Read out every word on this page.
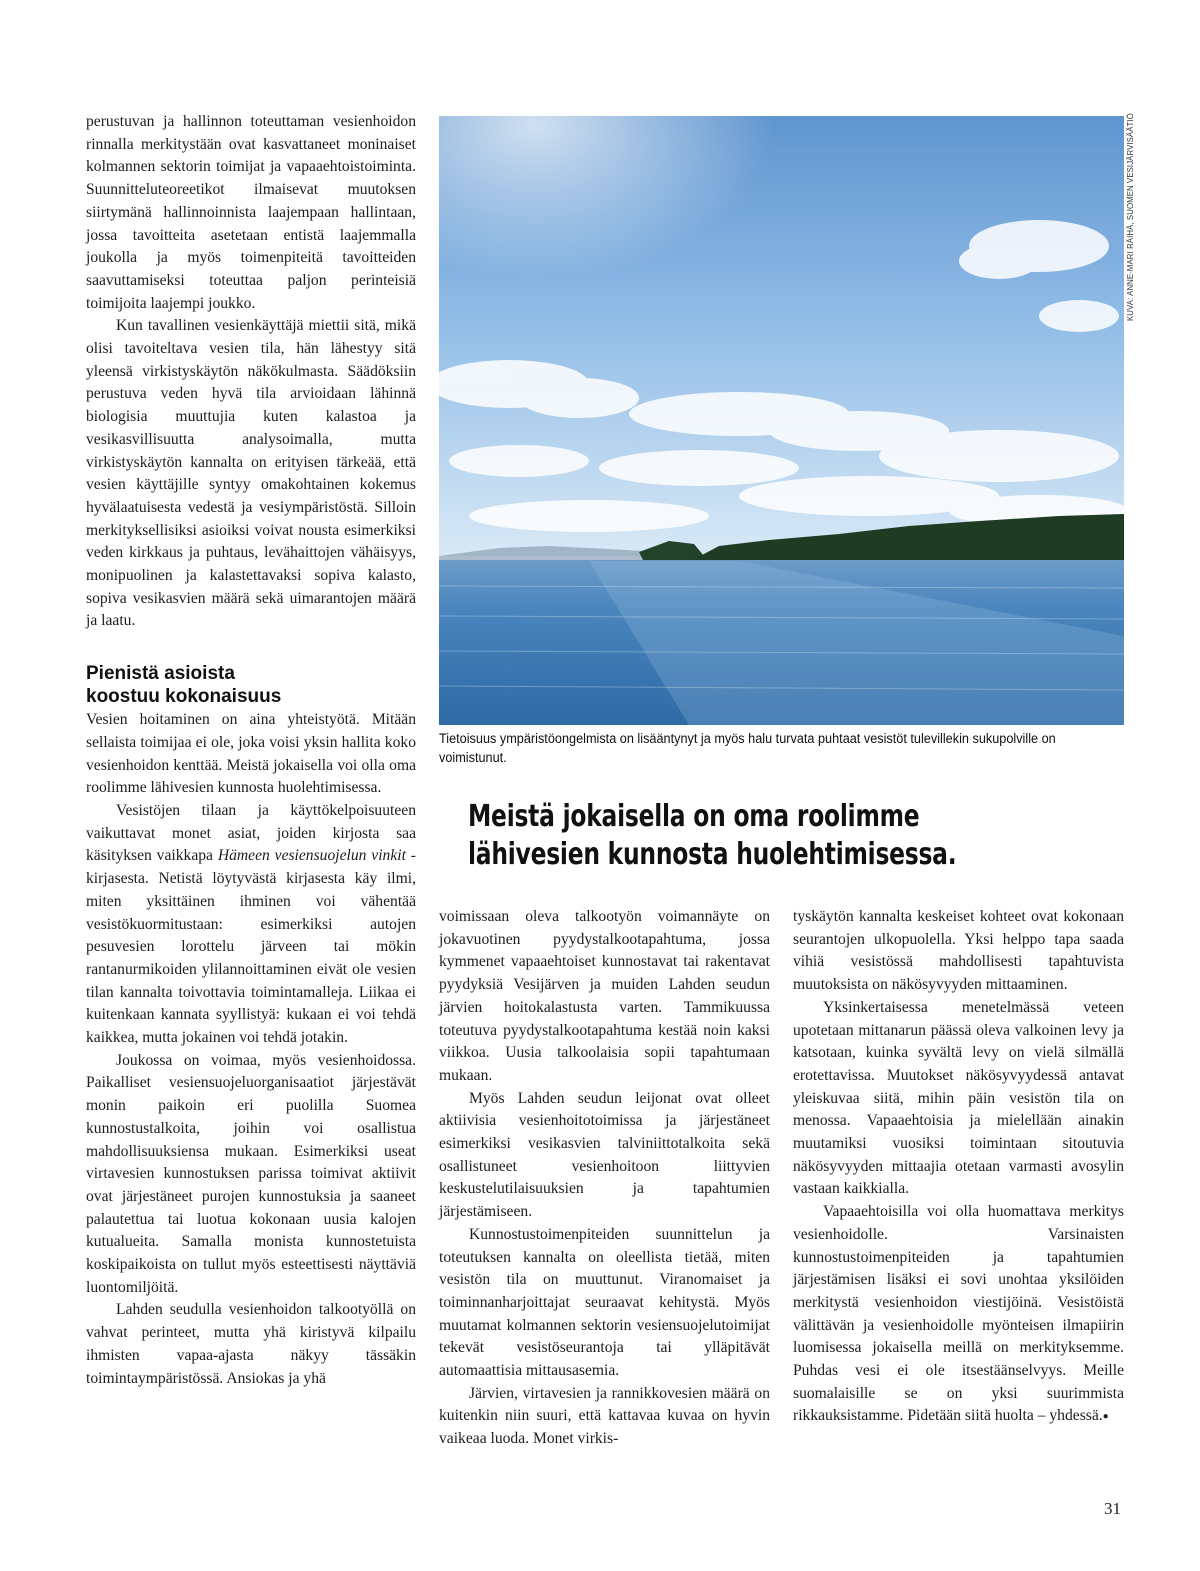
perustuvan ja hallinnon toteuttaman vesienhoidon rinnalla merkitystään ovat kasvattaneet moninaiset kolmannen sektorin toimijat ja vapaaehtoistoiminta. Suunnitteluteoreetikot ilmaisevat muutoksen siirtymänä hallinnoinnista laajempaan hallintaan, jossa tavoitteita asetetaan entistä laajemmalla joukolla ja myös toimenpiteitä tavoitteiden saavuttamiseksi toteuttaa paljon perinteisiä toimijoita laajempi joukko.

Kun tavallinen vesienkäyttäjä miettii sitä, mikä olisi tavoiteltava vesien tila, hän lähestyy sitä yleensä virkistyskäytön näkökulmasta. Säädöksiin perustuva veden hyvä tila arvioidaan lähinnä biologisia muuttujia kuten kalastoa ja vesikasvillisuutta analysoimalla, mutta virkistyskäytön kannalta on erityisen tärkeää, että vesien käyttäjille syntyy omakohtainen kokemus hyvälaatuisesta vedestä ja vesiympäristöstä. Silloin merkityksellisiksi asioiksi voivat nousta esimerkiksi veden kirkkaus ja puhtaus, levähaittojen vähäisyys, monipuolinen ja kalastettavaksi sopiva kalasto, sopiva vesikasvien määrä sekä uimarantojen määrä ja laatu.

Pienistä asioista
koostuu kokonaisuus

Vesien hoitaminen on aina yhteistyötä. Mitään sellaista toimijaa ei ole, joka voisi yksin hallita koko vesienhoidon kenttää. Meistä jokaisella voi olla oma roolimme lähivesien kunnosta huolehtimisessa.

Vesistöjen tilaan ja käyttökelpoisuuteen vaikuttavat monet asiat, joiden kirjosta saa käsityksen vaikkapa Hämeen vesiensuojelun vinkit -kirjasesta. Netistä löytyvästä kirjasesta käy ilmi, miten yksittäinen ihminen voi vähentää vesistökuormitustaan: esimerkiksi autojen pesuvesien lorottelu järveen tai mökin rantanurmikoiden ylilannoittaminen eivät ole vesien tilan kannalta toivottavia toimintamalleja. Liikaa ei kuitenkaan kannata syyllistyä: kukaan ei voi tehdä kaikkea, mutta jokainen voi tehdä jotakin.

Joukossa on voimaa, myös vesienhoidossa. Paikalliset vesiensuojeluorganisaatiot järjestävät monin paikoin eri puolilla Suomea kunnostustalkoita, joihin voi osallistua mahdollisuuksiensa mukaan. Esimerkiksi useat virtavesien kunnostuksen parissa toimivat aktiivit ovat järjestäneet purojen kunnostuksia ja saaneet palautettua tai luotua kokonaan uusia kalojen kutualueita. Samalla monista kunnostetuista koskipaikoista on tullut myös esteettisesti näyttäviä luontomiljöitä.

Lahden seudulla vesienhoidon talkootyöllä on vahvat perinteet, mutta yhä kiristyvä kilpailu ihmisten vapaa-ajasta näkyy tässäkin toimintaympäristössä. Ansiokas ja yhä

KUVA: ANNE-MARI RÄIHÄ, SUOMEN VESIJÄRVISÄÄTIÖ
Tietoisuus ympäristöongelmista on lisääntynyt ja myös halu turvata puhtaat vesistöt tulevillekin sukupolville on voimistunut.
Meistä jokaisella on oma roolimme
lähivesien kunnosta huolehtimisessa.

voimissaan oleva talkootyön voimannäyte on jokavuotinen pyydystalkootapahtuma, jossa kymmenet vapaaehtoiset kunnostavat tai rakentavat pyydyksiä Vesijärven ja muiden Lahden seudun järvien hoitokalastusta varten. Tammikuussa toteutuva pyydystalkootapahtuma kestää noin kaksi viikkoa. Uusia talkoolaisia sopii tapahtumaan mukaan.

Myös Lahden seudun leijonat ovat olleet aktiivisia vesienhoitotoimissa ja järjestäneet esimerkiksi vesikasvien talviniittotalkoita sekä osallistuneet vesienhoitoon liittyvien keskustelutilaisuuksien ja tapahtumien järjestämiseen.

Kunnostustoimenpiteiden suunnittelun ja toteutuksen kannalta on oleellista tietää, miten vesistön tila on muuttunut. Viranomaiset ja toiminnanharjoittajat seuraavat kehitystä. Myös muutamat kolmannen sektorin vesiensuojelutoimijat tekevät vesistöseurantoja tai ylläpitävät automaattisia mittausasemia.

Järvien, virtavesien ja rannikkovesien määrä on kuitenkin niin suuri, että kattavaa kuvaa on hyvin vaikeaa luoda. Monet virkis-

tyskäytön kannalta keskeiset kohteet ovat kokonaan seurantojen ulkopuolella. Yksi helppo tapa saada vihiä vesistössä mahdollisesti tapahtuvista muutoksista on näkösyvyyden mittaaminen.

Yksinkertaisessa menetelmässä veteen upotetaan mittanarun päässä oleva valkoinen levy ja katsotaan, kuinka syvältä levy on vielä silmällä erotettavissa. Muutokset näkösyvyydessä antavat yleiskuvaa siitä, mihin päin vesistön tila on menossa. Vapaaehtoisia ja mielellään ainakin muutamiksi vuosiksi toimintaan sitoutuvia näkösyvyyden mittaajia otetaan varmasti avosylin vastaan kaikkialla.

Vapaaehtoisilla voi olla huomattava merkitys vesienhoidolle. Varsinaisten kunnostustoimenpiteiden ja tapahtumien järjestämisen lisäksi ei sovi unohtaa yksilöiden merkitystä vesienhoidon viestijöinä. Vesistöistä välittävän ja vesienhoidolle myönteisen ilmapiirin luomisessa jokaisella meillä on merkityksemme. Puhdas vesi ei ole itsestäänselvyys. Meille suomalaisille se on yksi suurimmista rikkauksistamme. Pidetään siitä huolta – yhdessä.●

31
